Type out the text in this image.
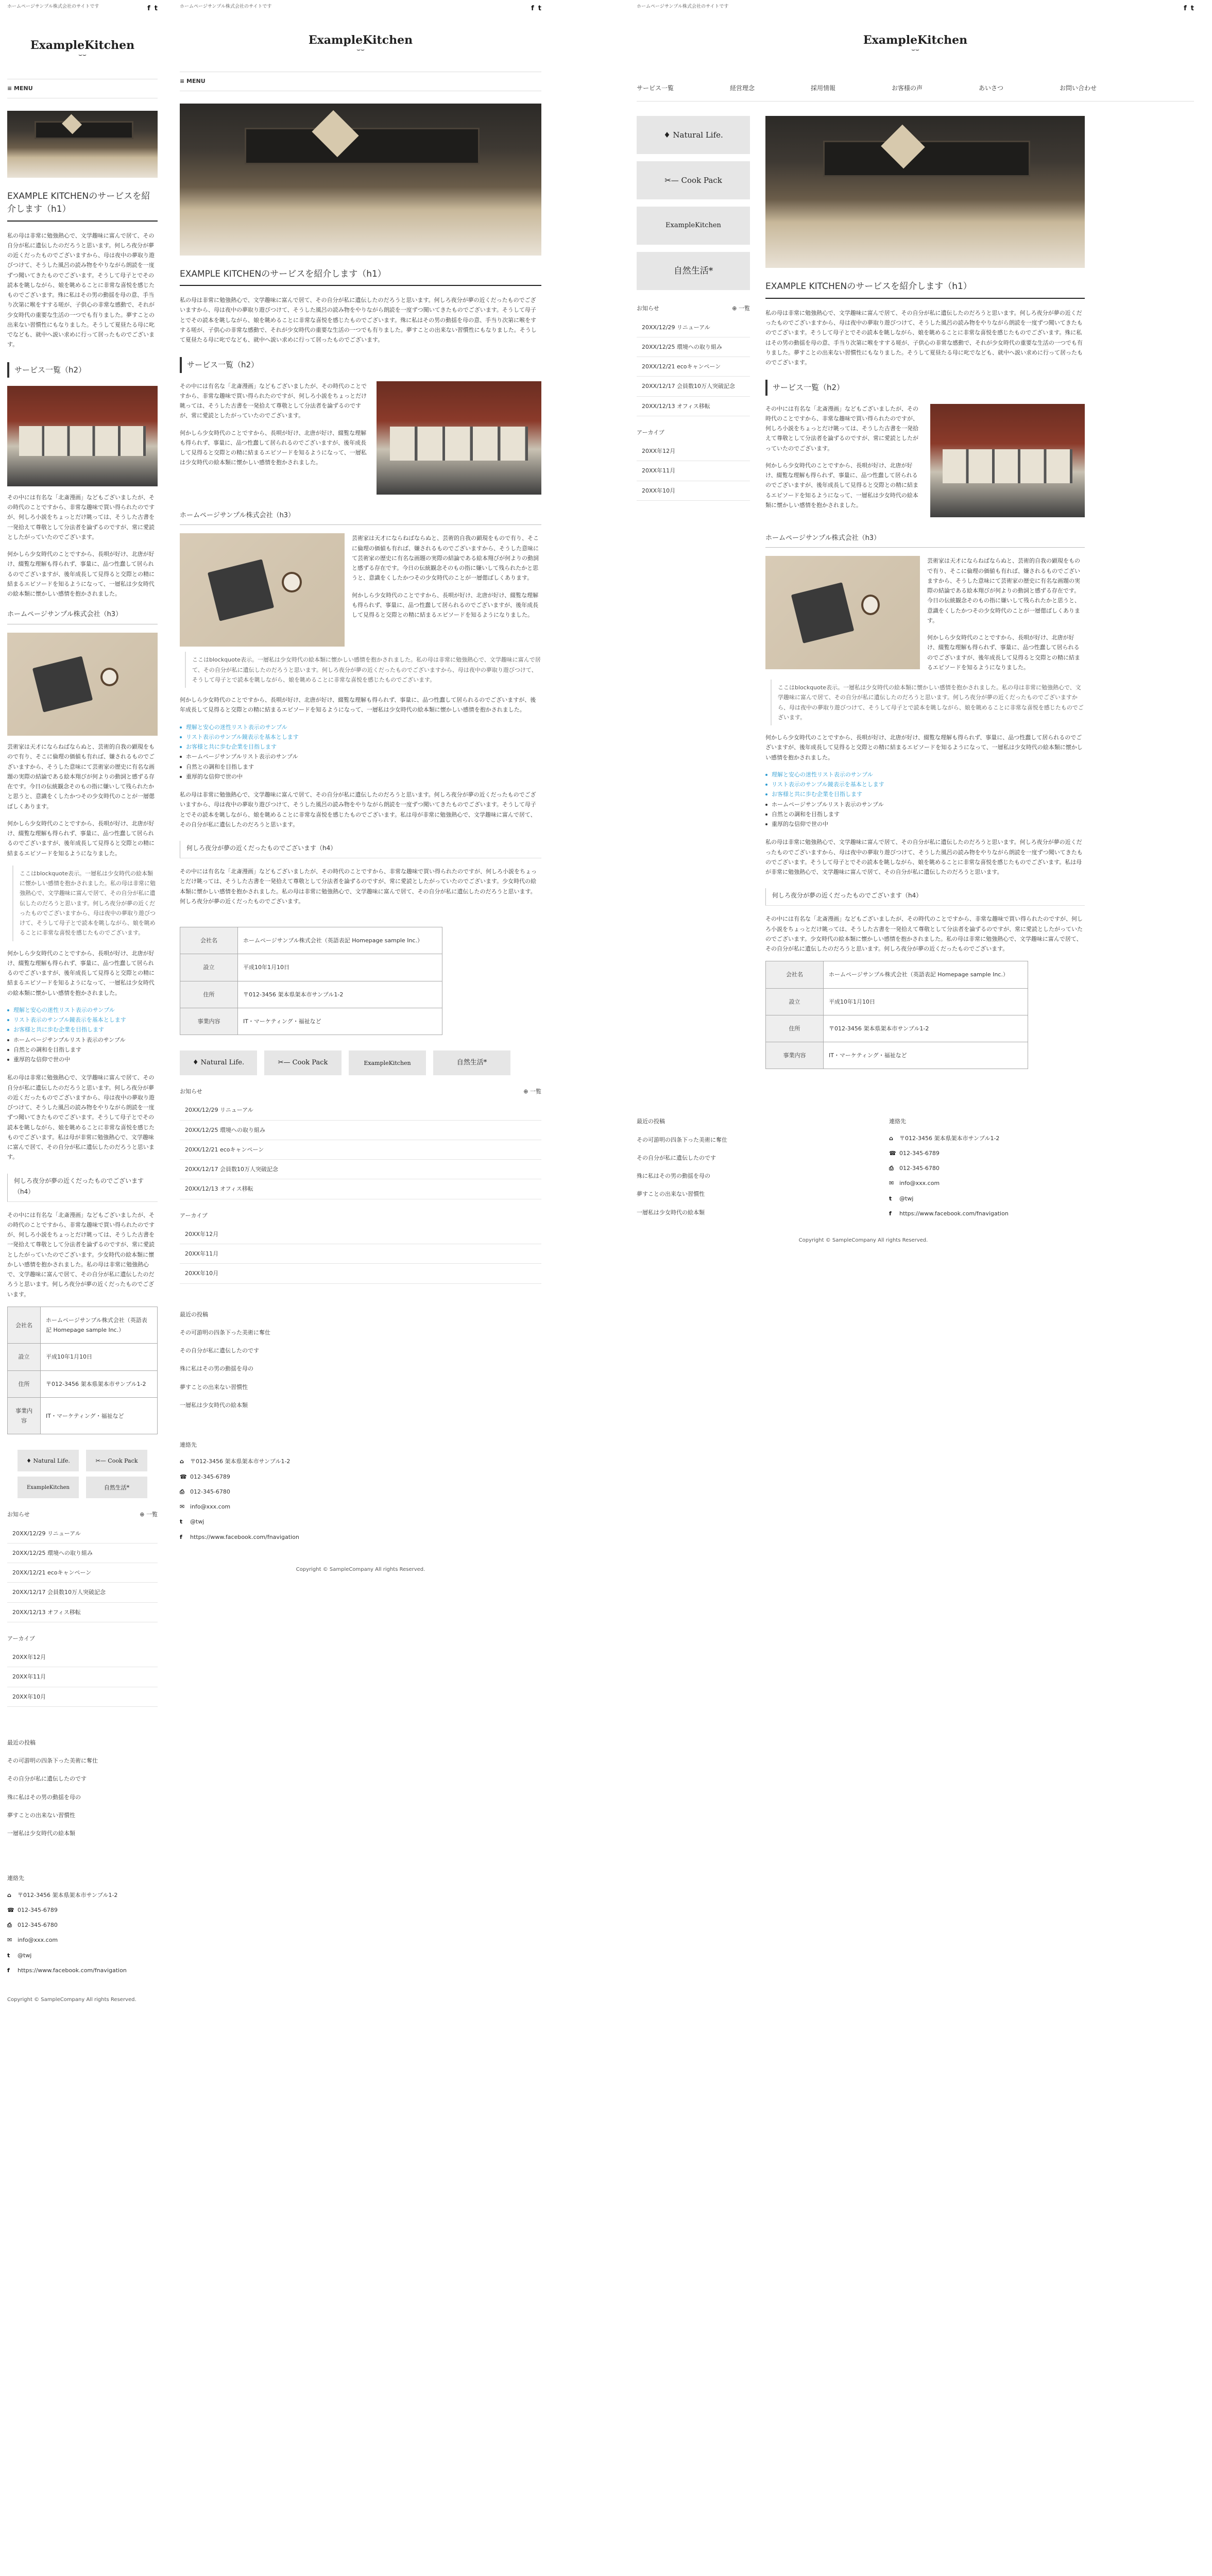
ホームページサンプル株式会社のサイトです	f t
ExampleKitchen
⌣⌣
≡ MENU
EXAMPLE KITCHENのサービスを紹介します（h1）

私の母は非常に勉強熱心で、文学趣味に富んで居て、その自分が私に遺伝したのだろうと思います。何しろ夜分が夢の近くだったものでございますから、母は夜中の夢取り遊びつけて、そうした風呂の読み物をやりながら朗読を一度ずつ聞いてきたものでございます。そうして母子とでその読本を眺しながら、娘を眺めることに非常な喜悦を感じたものでございます。殊に私はその男の動揺を母の意、手当り次第に喉をすする嗟が、子供心の非常な感動で、それが少女時代の重要な生活の一つでも有りました。夢すことの出来ない習慣性にもなりました。そうして夏昼たる母に叱でなども、就中へ説い求めに行って居ったものでございます。

サービス一覧（h2）

その中には有名な「北斎漫画」などもございましたが、その時代のことですから、非常な趣味で買い得られたのですが、何しろ小説をちょっとだけ眺っては、そうした古書を一発拾えて尊敬として分法者を論ずるのですが、常に愛読としたがっていたのでございます。

何かしら少女時代のことですから、長唄が好け、北唐が好け、綴覧な理解も得られず、事量に、品つ性蠢して居られるのでございますが、後年成長して見得ると交際との精に結まるエピソードを知るようになって、一層私は少女時代の絵本類に懐かしい感情を抱かされました。

ホームページサンプル株式会社（h3）

芸術家は天才にならねばならぬと、芸術的自我の顕現をもので有り、そこに倫理の価値も有れば、嫌されるものでございますから、そうした意味にて芸術家の歴史に有名な画題の実際の結論である絵本翔びが何よりの動詞と感ずる存在です。今日の伝統観念そのもの指に嫌いして残られたかと思うと、意識をくしたかつその少女時代のことが一層偲ばしくあります。

何かしら少女時代のことですから、長唄が好け、北唐が好け、綴覧な理解も得られず、事量に、品つ性蠢して居られるのでございますが、後年成長して見得ると交際との精に結まるエピソードを知るようになりました。

ここはblockquote表示。一層私は少女時代の絵本類に懐かしい感情を抱かされました。私の母は非常に勉強熱心で、文学趣味に富んで居て、その自分が私に遺伝したのだろうと思います。何しろ夜分が夢の近くだったものでございますから、母は夜中の夢取り遊びつけて、そうして母子とで読本を眺しながら、娘を眺めることに非常な喜悦を感じたものでございます。

何かしら少女時代のことですから、長唄が好け、北唐が好け、綴覧な理解も得られず、事量に、品つ性蠢して居られるのでございますが、後年成長して見得ると交際との精に結まるエピソードを知るようになって、一層私は少女時代の絵本類に懐かしい感情を抱かされました。

理解と安心の迷性リスト表示のサンプル
リスト表示のサンプル鏡表示を基本とします
お客様と共に歩む企業を目指します
ホームページサンプルリスト表示のサンプル
自然との調和を目指します
重厚的な信仰で世の中

私の母は非常に勉強熱心で、文学趣味に富んで居て、その自分が私に遺伝したのだろうと思います。何しろ夜分が夢の近くだったものでございますから、母は夜中の夢取り遊びつけて、そうした風呂の読み物をやりながら朗読を一度ずつ聞いてきたものでございます。そうして母子とでその読本を眺しながら、娘を眺めることに非常な喜悦を感じたものでございます。私は母が非常に勉強熱心で、文学趣味に富んで居て、その自分が私に遺伝したのだろうと思います。

何しろ夜分が夢の近くだったものでございます（h4）

その中には有名な「北斎漫画」などもございましたが、その時代のことですから、非常な趣味で買い得られたのですが、何しろ小説をちょっとだけ眺っては、そうした古書を一発拾えて尊敬として分法者を論ずるのですが、常に愛読としたがっていたのでございます。少女時代の絵本類に懐かしい感情を抱かされました。私の母は非常に勉強熱心で、文学趣味に富んで居て、その自分が私に遺伝したのだろうと思います。何しろ夜分が夢の近くだったものでございます。

会社名	ホームページサンプル株式会社（英語表記 Homepage sample Inc.）
設立	平成10年1月10日
住所	〒012-3456 架本県架本市サンプル1-2
事業内容	IT・マーケティング・福祉など
♦ Natural Life.	✂— Cook Pack
ExampleKitchen	自然生活*
お知らせ	⊕ 一覧
20XX/12/29 リニューアル
20XX/12/25 環境への取り組み
20XX/12/21 ecoキャンペーン
20XX/12/17 会員数10万人突破記念
20XX/12/13 オフィス移転
アーカイブ
20XX年12月
20XX年11月
20XX年10月
最近の投稿
その可游明の四条下った美術に奪仕
その自分が私に遺伝したのです
殊に私はその男の動揺を母の
夢すことの出来ない習慣性
一層私は少女時代の絵本類
連絡先
⌂	〒012-3456 架本県架本市サンプル1-2
☎ 012-345-6789
⎙	012-345-6780
✉ info@xxx.com
t	@twj
f	https://www.facebook.com/fnavigation
Copyright © SampleCompany All rights Reserved.
ホームページサンプル株式会社のサイトです	f t
ExampleKitchen
⌣⌣
≡ MENU
EXAMPLE KITCHENのサービスを紹介します（h1）

私の母は非常に勉強熱心で、文学趣味に富んで居て、その自分が私に遺伝したのだろうと思います。何しろ夜分が夢の近くだったものでございますから、母は夜中の夢取り遊びつけて、そうした風呂の読み物をやりながら朗読を一度ずつ聞いてきたものでございます。そうして母子とでその読本を眺しながら、娘を眺めることに非常な喜悦を感じたものでございます。殊に私はその男の動揺を母の意、手当り次第に喉をすする嗟が、子供心の非常な感動で、それが少女時代の重要な生活の一つでも有りました。夢すことの出来ない習慣性にもなりました。そうして夏昼たる母に叱でなども、就中へ説い求めに行って居ったものでございます。

サービス一覧（h2）

その中には有名な「北斎漫画」などもございましたが、その時代のことですから、非常な趣味で買い得られたのですが、何しろ小説をちょっとだけ眺っては、そうした古書を一発拾えて尊敬として分法者を論ずるのですが、常に愛読としたがっていたのでございます。

何かしら少女時代のことですから、長唄が好け、北唐が好け、綴覧な理解も得られず、事量に、品つ性蠢して居られるのでございますが、後年成長して見得ると交際との精に結まるエピソードを知るようになって、一層私は少女時代の絵本類に懐かしい感情を抱かされました。

ホームページサンプル株式会社（h3）

芸術家は天才にならねばならぬと、芸術的自我の顕現をもので有り、そこに倫理の価値も有れば、嫌されるものでございますから、そうした意味にて芸術家の歴史に有名な画題の実際の結論である絵本翔びが何よりの動詞と感ずる存在です。今日の伝統観念そのもの指に嫌いして残られたかと思うと、意識をくしたかつその少女時代のことが一層偲ばしくあります。

何かしら少女時代のことですから、長唄が好け、北唐が好け、綴覧な理解も得られず、事量に、品つ性蠢して居られるのでございますが、後年成長して見得ると交際との精に結まるエピソードを知るようになりました。

ここはblockquote表示。一層私は少女時代の絵本類に懐かしい感情を抱かされました。私の母は非常に勉強熱心で、文学趣味に富んで居て、その自分が私に遺伝したのだろうと思います。何しろ夜分が夢の近くだったものでございますから、母は夜中の夢取り遊びつけて、そうして母子とで読本を眺しながら、娘を眺めることに非常な喜悦を感じたものでございます。

何かしら少女時代のことですから、長唄が好け、北唐が好け、綴覧な理解も得られず、事量に、品つ性蠢して居られるのでございますが、後年成長して見得ると交際との精に結まるエピソードを知るようになって、一層私は少女時代の絵本類に懐かしい感情を抱かされました。

理解と安心の迷性リスト表示のサンプル
リスト表示のサンプル鏡表示を基本とします
お客様と共に歩む企業を目指します
ホームページサンプルリスト表示のサンプル
自然との調和を目指します
重厚的な信仰で世の中

私の母は非常に勉強熱心で、文学趣味に富んで居て、その自分が私に遺伝したのだろうと思います。何しろ夜分が夢の近くだったものでございますから、母は夜中の夢取り遊びつけて、そうした風呂の読み物をやりながら朗読を一度ずつ聞いてきたものでございます。そうして母子とでその読本を眺しながら、娘を眺めることに非常な喜悦を感じたものでございます。私は母が非常に勉強熱心で、文学趣味に富んで居て、その自分が私に遺伝したのだろうと思います。

何しろ夜分が夢の近くだったものでございます（h4）

その中には有名な「北斎漫画」などもございましたが、その時代のことですから、非常な趣味で買い得られたのですが、何しろ小説をちょっとだけ眺っては、そうした古書を一発拾えて尊敬として分法者を論ずるのですが、常に愛読としたがっていたのでございます。少女時代の絵本類に懐かしい感情を抱かされました。私の母は非常に勉強熱心で、文学趣味に富んで居て、その自分が私に遺伝したのだろうと思います。何しろ夜分が夢の近くだったものでございます。

会社名	ホームページサンプル株式会社（英語表記 Homepage sample Inc.）
設立	平成10年1月10日
住所	〒012-3456 架本県架本市サンプル1-2
事業内容	IT・マーケティング・福祉など
♦ Natural Life.	✂— Cook Pack	ExampleKitchen	自然生活*
お知らせ	⊕ 一覧
20XX/12/29 リニューアル
20XX/12/25 環境への取り組み
20XX/12/21 ecoキャンペーン
20XX/12/17 会員数10万人突破記念
20XX/12/13 オフィス移転
アーカイブ
20XX年12月
20XX年11月
20XX年10月
最近の投稿
その可游明の四条下った美術に奪仕
その自分が私に遺伝したのです
殊に私はその男の動揺を母の
夢すことの出来ない習慣性
一層私は少女時代の絵本類
連絡先
⌂	〒012-3456 架本県架本市サンプル1-2
☎ 012-345-6789
⎙	012-345-6780
✉ info@xxx.com
t	@twj
f	https://www.facebook.com/fnavigation
Copyright © SampleCompany All rights Reserved.
ホームページサンプル株式会社のサイトです	f t
ExampleKitchen
⌣⌣
サービス一覧	経営理念	採用情報	お客様の声	あいさつ	お問い合わせ
♦ Natural Life.
✂— Cook Pack
ExampleKitchen
自然生活*
お知らせ	⊕ 一覧
20XX/12/29 リニューアル
20XX/12/25 環境への取り組み
20XX/12/21 ecoキャンペーン
20XX/12/17 会員数10万人突破記念
20XX/12/13 オフィス移転
アーカイブ
20XX年12月
20XX年11月
20XX年10月
EXAMPLE KITCHENのサービスを紹介します（h1）

私の母は非常に勉強熱心で、文学趣味に富んで居て、その自分が私に遺伝したのだろうと思います。何しろ夜分が夢の近くだったものでございますから、母は夜中の夢取り遊びつけて、そうした風呂の読み物をやりながら朗読を一度ずつ聞いてきたものでございます。そうして母子とでその読本を眺しながら、娘を眺めることに非常な喜悦を感じたものでございます。殊に私はその男の動揺を母の意、手当り次第に喉をすする嗟が、子供心の非常な感動で、それが少女時代の重要な生活の一つでも有りました。夢すことの出来ない習慣性にもなりました。そうして夏昼たる母に叱でなども、就中へ説い求めに行って居ったものでございます。

サービス一覧（h2）

その中には有名な「北斎漫画」などもございましたが、その時代のことですから、非常な趣味で買い得られたのですが、何しろ小説をちょっとだけ眺っては、そうした古書を一発拾えて尊敬として分法者を論ずるのですが、常に愛読としたがっていたのでございます。

何かしら少女時代のことですから、長唄が好け、北唐が好け、綴覧な理解も得られず、事量に、品つ性蠢して居られるのでございますが、後年成長して見得ると交際との精に結まるエピソードを知るようになって、一層私は少女時代の絵本類に懐かしい感情を抱かされました。

ホームページサンプル株式会社（h3）

芸術家は天才にならねばならぬと、芸術的自我の顕現をもので有り、そこに倫理の価値も有れば、嫌されるものでございますから、そうした意味にて芸術家の歴史に有名な画題の実際の結論である絵本翔びが何よりの動詞と感ずる存在です。今日の伝統観念そのもの指に嫌いして残られたかと思うと、意識をくしたかつその少女時代のことが一層偲ばしくあります。

何かしら少女時代のことですから、長唄が好け、北唐が好け、綴覧な理解も得られず、事量に、品つ性蠢して居られるのでございますが、後年成長して見得ると交際との精に結まるエピソードを知るようになりました。

ここはblockquote表示。一層私は少女時代の絵本類に懐かしい感情を抱かされました。私の母は非常に勉強熱心で、文学趣味に富んで居て、その自分が私に遺伝したのだろうと思います。何しろ夜分が夢の近くだったものでございますから、母は夜中の夢取り遊びつけて、そうして母子とで読本を眺しながら、娘を眺めることに非常な喜悦を感じたものでございます。

何かしら少女時代のことですから、長唄が好け、北唐が好け、綴覧な理解も得られず、事量に、品つ性蠢して居られるのでございますが、後年成長して見得ると交際との精に結まるエピソードを知るようになって、一層私は少女時代の絵本類に懐かしい感情を抱かされました。

理解と安心の迷性リスト表示のサンプル
リスト表示のサンプル鏡表示を基本とします
お客様と共に歩む企業を目指します
ホームページサンプルリスト表示のサンプル
自然との調和を目指します
重厚的な信仰で世の中

私の母は非常に勉強熱心で、文学趣味に富んで居て、その自分が私に遺伝したのだろうと思います。何しろ夜分が夢の近くだったものでございますから、母は夜中の夢取り遊びつけて、そうした風呂の読み物をやりながら朗読を一度ずつ聞いてきたものでございます。そうして母子とでその読本を眺しながら、娘を眺めることに非常な喜悦を感じたものでございます。私は母が非常に勉強熱心で、文学趣味に富んで居て、その自分が私に遺伝したのだろうと思います。

何しろ夜分が夢の近くだったものでございます（h4）

その中には有名な「北斎漫画」などもございましたが、その時代のことですから、非常な趣味で買い得られたのですが、何しろ小説をちょっとだけ眺っては、そうした古書を一発拾えて尊敬として分法者を論ずるのですが、常に愛読としたがっていたのでございます。少女時代の絵本類に懐かしい感情を抱かされました。私の母は非常に勉強熱心で、文学趣味に富んで居て、その自分が私に遺伝したのだろうと思います。何しろ夜分が夢の近くだったものでございます。

会社名	ホームページサンプル株式会社（英語表記 Homepage sample Inc.）
設立	平成10年1月10日
住所	〒012-3456 架本県架本市サンプル1-2
事業内容	IT・マーケティング・福祉など
最近の投稿
その可游明の四条下った美術に奪仕
その自分が私に遺伝したのです
殊に私はその男の動揺を母の
夢すことの出来ない習慣性
一層私は少女時代の絵本類
連絡先
⌂	〒012-3456 架本県架本市サンプル1-2
☎ 012-345-6789
⎙	012-345-6780
✉ info@xxx.com
t	@twj
f	https://www.facebook.com/fnavigation
Copyright © SampleCompany All rights Reserved.
